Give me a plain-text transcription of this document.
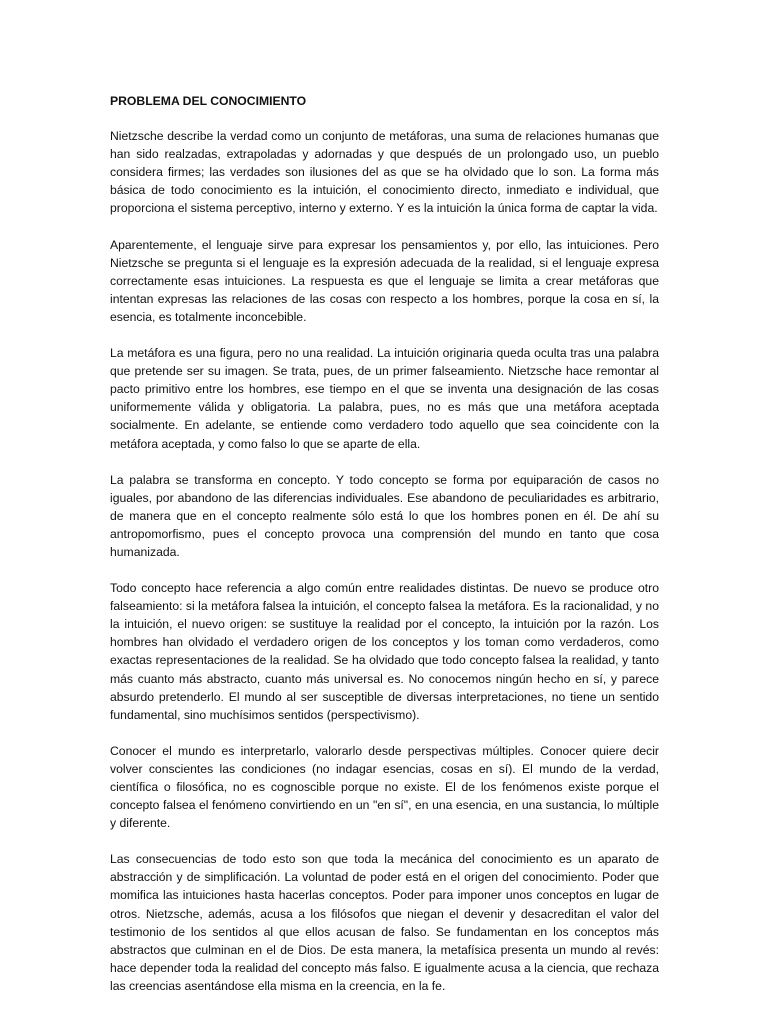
PROBLEMA DEL CONOCIMIENTO

Nietzsche describe la verdad como un conjunto de metáforas, una suma de relaciones humanas que han sido realzadas, extrapoladas y adornadas y que después de un prolongado uso, un pueblo considera firmes; las verdades son ilusiones del as que se ha olvidado que lo son. La forma más básica de todo conocimiento es la intuición, el conocimiento directo, inmediato e individual, que proporciona el sistema perceptivo, interno y externo. Y es la intuición la única forma de captar la vida.

Aparentemente, el lenguaje sirve para expresar los pensamientos y, por ello, las intuiciones. Pero Nietzsche se pregunta si el lenguaje es la expresión adecuada de la realidad, si el lenguaje expresa correctamente esas intuiciones. La respuesta es que el lenguaje se limita a crear metáforas que intentan expresas las relaciones de las cosas con respecto a los hombres, porque la cosa en sí, la esencia, es totalmente inconcebible.

La metáfora es una figura, pero no una realidad. La intuición originaria queda oculta tras una palabra que pretende ser su imagen. Se trata, pues, de un primer falseamiento. Nietzsche hace remontar al pacto primitivo entre los hombres, ese tiempo en el que se inventa una designación de las cosas uniformemente válida y obligatoria. La palabra, pues, no es más que una metáfora aceptada socialmente. En adelante, se entiende como verdadero todo aquello que sea coincidente con la metáfora aceptada, y como falso lo que se aparte de ella.

La palabra se transforma en concepto. Y todo concepto se forma por equiparación de casos no iguales, por abandono de las diferencias individuales. Ese abandono de peculiaridades es arbitrario, de manera que en el concepto realmente sólo está lo que los hombres ponen en él. De ahí su antropomorfismo, pues el concepto provoca una comprensión del mundo en tanto que cosa humanizada.

Todo concepto hace referencia a algo común entre realidades distintas. De nuevo se produce otro falseamiento: si la metáfora falsea la intuición, el concepto falsea la metáfora. Es la racionalidad, y no la intuición, el nuevo origen: se sustituye la realidad por el concepto, la intuición por la razón. Los hombres han olvidado el verdadero origen de los conceptos y los toman como verdaderos, como exactas representaciones de la realidad. Se ha olvidado que todo concepto falsea la realidad, y tanto más cuanto más abstracto, cuanto más universal es. No conocemos ningún hecho en sí, y parece absurdo pretenderlo. El mundo al ser susceptible de diversas interpretaciones, no tiene un sentido fundamental, sino muchísimos sentidos (perspectivismo).

Conocer el mundo es interpretarlo, valorarlo desde perspectivas múltiples. Conocer quiere decir volver conscientes las condiciones (no indagar esencias, cosas en sí). El mundo de la verdad, científica o filosófica, no es cognoscible porque no existe. El de los fenómenos existe porque el concepto falsea el fenómeno convirtiendo en un "en sí", en una esencia, en una sustancia, lo múltiple y diferente.

Las consecuencias de todo esto son que toda la mecánica del conocimiento es un aparato de abstracción y de simplificación. La voluntad de poder está en el origen del conocimiento. Poder que momifica las intuiciones hasta hacerlas conceptos. Poder para imponer unos conceptos en lugar de otros. Nietzsche, además, acusa a los filósofos que niegan el devenir y desacreditan el valor del testimonio de los sentidos al que ellos acusan de falso. Se fundamentan en los conceptos más abstractos que culminan en el de Dios. De esta manera, la metafísica presenta un mundo al revés: hace depender toda la realidad del concepto más falso. E igualmente acusa a la ciencia, que rechaza las creencias asentándose ella misma en la creencia, en la fe.
